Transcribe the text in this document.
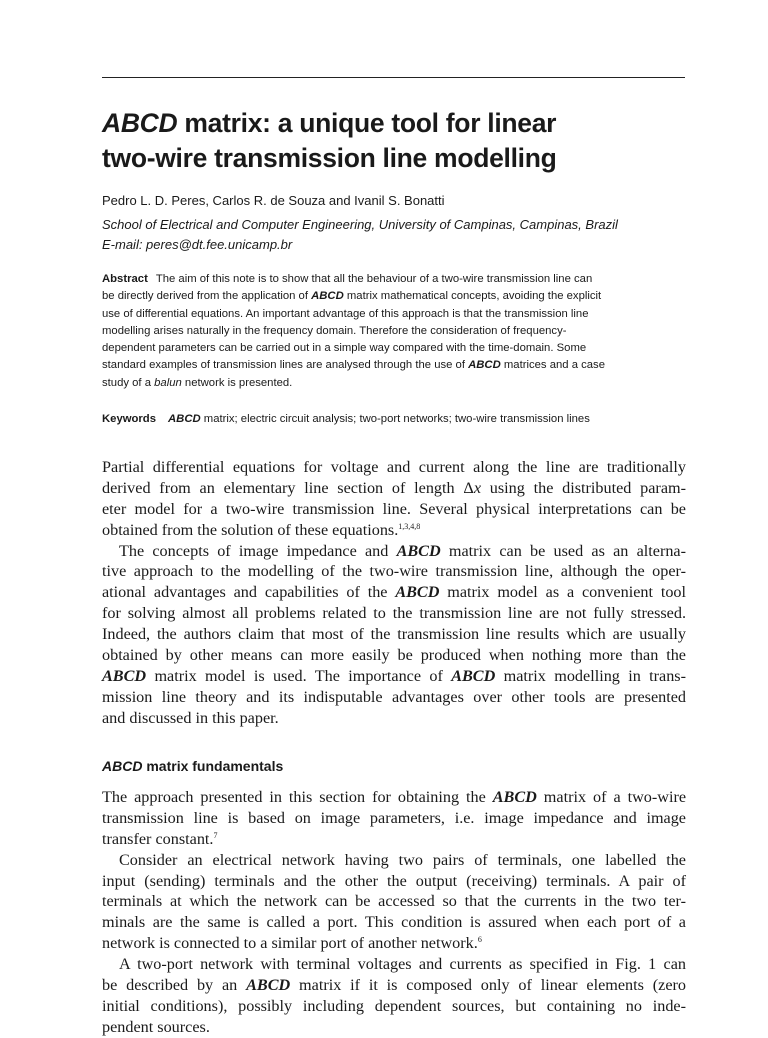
ABCD matrix: a unique tool for linear
two-wire transmission line modelling
Pedro L. D. Peres, Carlos R. de Souza and Ivanil S. Bonatti
School of Electrical and Computer Engineering, University of Campinas, Campinas, Brazil
E-mail: peres@dt.fee.unicamp.br
Abstract The aim of this note is to show that all the behaviour of a two-wire transmission line can
be directly derived from the application of ABCD matrix mathematical concepts, avoiding the explicit
use of differential equations. An important advantage of this approach is that the transmission line
modelling arises naturally in the frequency domain. Therefore the consideration of frequency-
dependent parameters can be carried out in a simple way compared with the time-domain. Some
standard examples of transmission lines are analysed through the use of ABCD matrices and a case
study of a balun network is presented.
Keywords ABCD matrix; electric circuit analysis; two-port networks; two-wire transmission lines
Partial differential equations for voltage and current along the line are traditionally
derived from an elementary line section of length Δx using the distributed param-
eter model for a two-wire transmission line. Several physical interpretations can be
obtained from the solution of these equations.$^{1,3,4,8}$
The concepts of image impedance and ABCD matrix can be used as an alterna-
tive approach to the modelling of the two-wire transmission line, although the oper-
ational advantages and capabilities of the ABCD matrix model as a convenient tool
for solving almost all problems related to the transmission line are not fully stressed.
Indeed, the authors claim that most of the transmission line results which are usually
obtained by other means can more easily be produced when nothing more than the
ABCD matrix model is used. The importance of ABCD matrix modelling in trans-
mission line theory and its indisputable advantages over other tools are presented
and discussed in this paper.
ABCD matrix fundamentals
The approach presented in this section for obtaining the ABCD matrix of a two-wire
transmission line is based on image parameters, i.e. image impedance and image
transfer constant.$^7$
Consider an electrical network having two pairs of terminals, one labelled the
input (sending) terminals and the other the output (receiving) terminals. A pair of
terminals at which the network can be accessed so that the currents in the two ter-
minals are the same is called a port. This condition is assured when each port of a
network is connected to a similar port of another network.$^6$
A two-port network with terminal voltages and currents as specified in Fig. 1 can
be described by an ABCD matrix if it is composed only of linear elements (zero
initial conditions), possibly including dependent sources, but containing no inde-
pendent sources.
